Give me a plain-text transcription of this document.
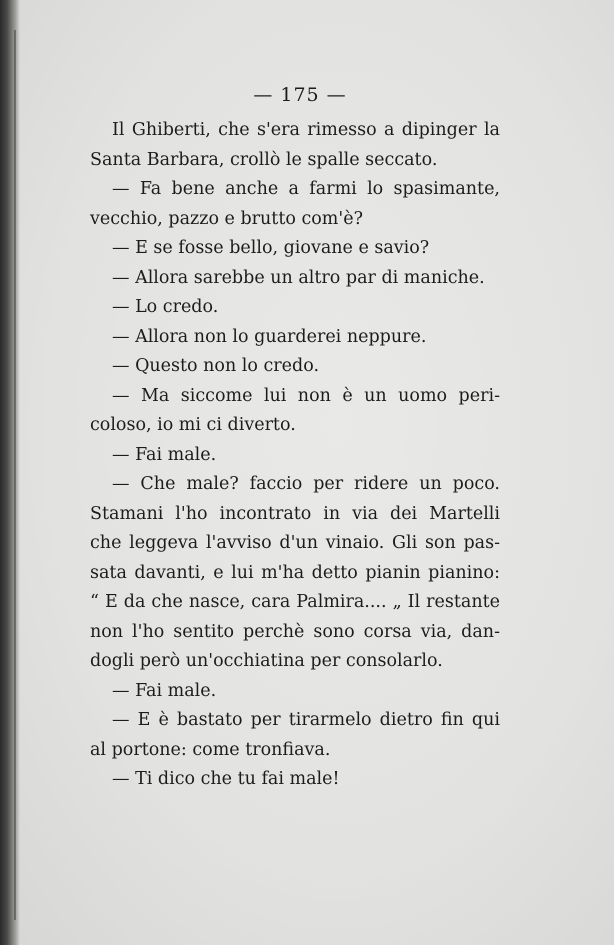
— 175 —
Il Ghiberti, che s'era rimesso a dipinger la
Santa Barbara, crollò le spalle seccato.
— Fa bene anche a farmi lo spasimante,
vecchio, pazzo e brutto com'è?
— E se fosse bello, giovane e savio?
— Allora sarebbe un altro par di maniche.
— Lo credo.
— Allora non lo guarderei neppure.
— Questo non lo credo.
— Ma siccome lui non è un uomo peri-
coloso, io mi ci diverto.
— Fai male.
— Che male? faccio per ridere un poco.
Stamani l'ho incontrato in via dei Martelli
che leggeva l'avviso d'un vinaio. Gli son pas-
sata davanti, e lui m'ha detto pianin pianino:
“ E da che nasce, cara Palmira.... „ Il restante
non l'ho sentito perchè sono corsa via, dan-
dogli però un'occhiatina per consolarlo.
— Fai male.
— E è bastato per tirarmelo dietro fin qui
al portone: come tronfiava.
— Ti dico che tu fai male!
